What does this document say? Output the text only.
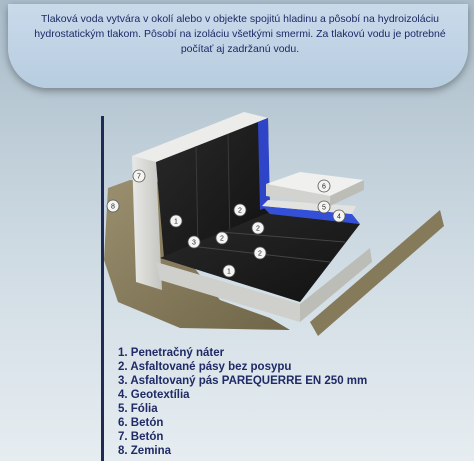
Tlaková voda vytvára v okolí alebo v objekte spojitú hladinu a pôsobí na hydroizoláciu hydrostatickým tlakom. Pôsobí na izoláciu všetkými smermi. Za tlakovú vodu je potrebné počítať aj zadržanú vodu.

7
6
1
2
2
2
3
5
4
2
1
8
1. Penetračný náter
2. Asfaltované pásy bez posypu
3. Asfaltovaný pás PAREQUERRE EN 250 mm
4. Geotextília
5. Fólia
6. Betón
7. Betón
8. Zemina
